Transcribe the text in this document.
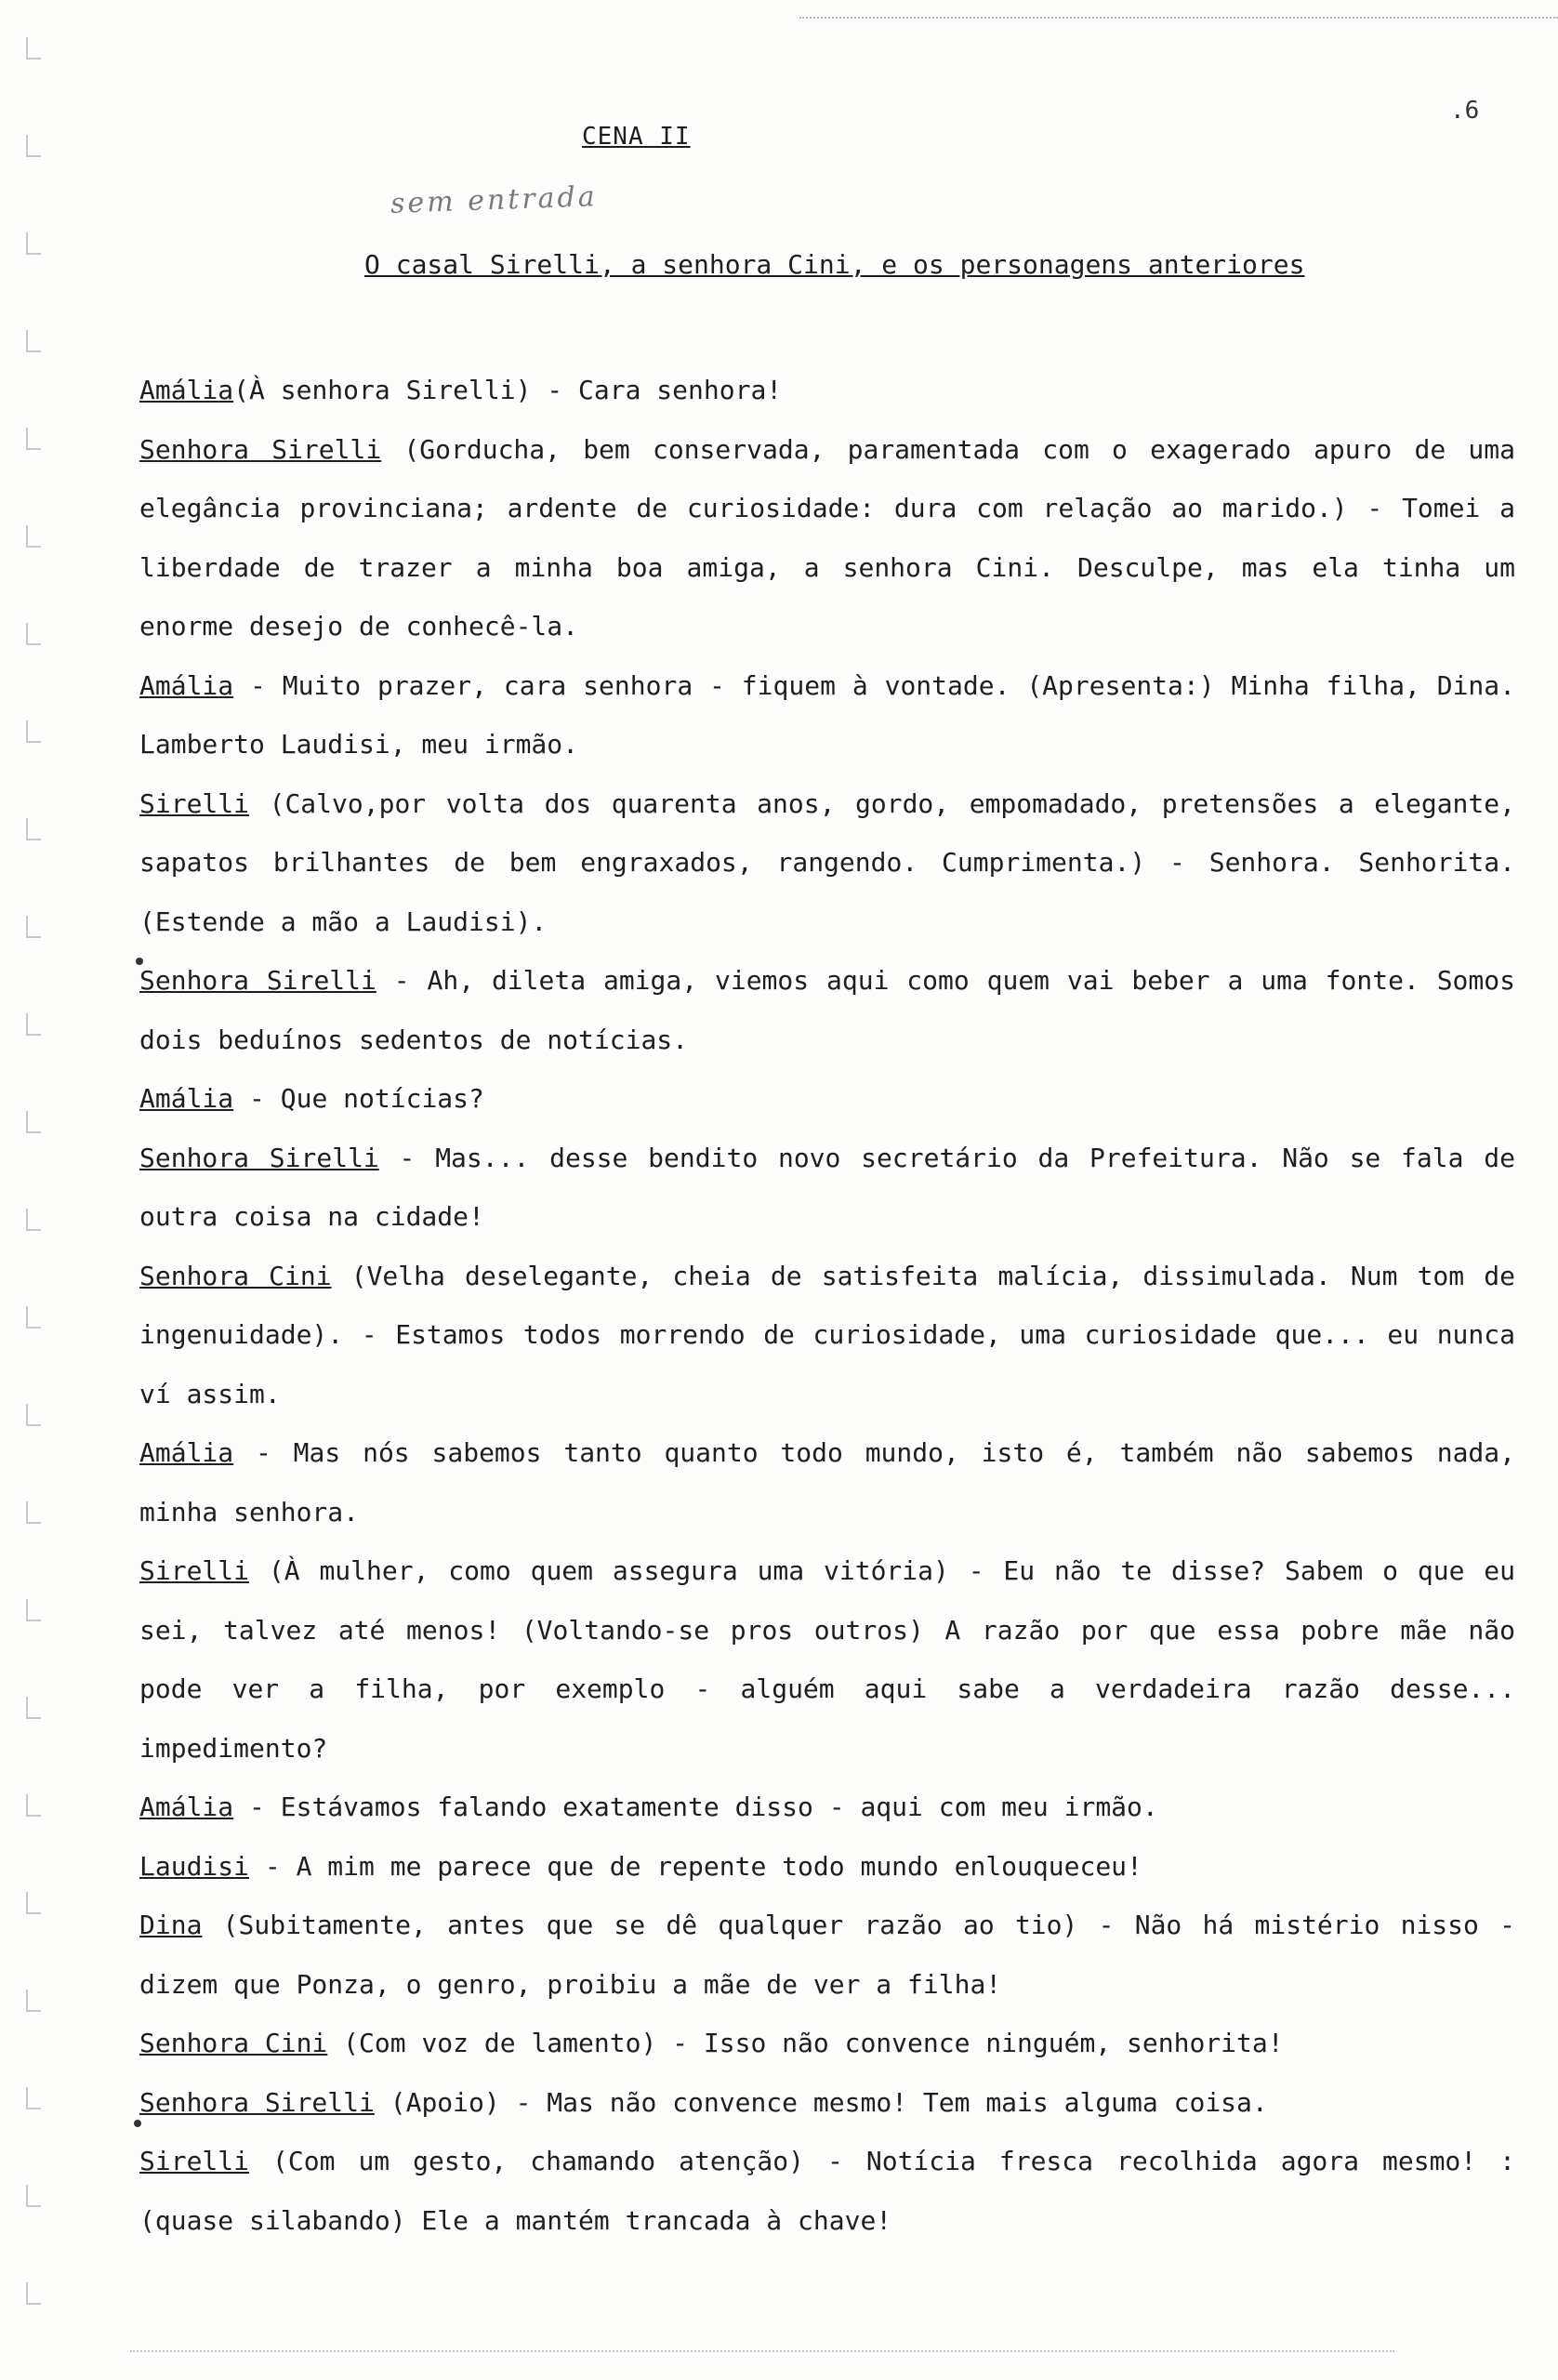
.6
CENA II
sem entrada
O casal Sirelli, a senhora Cini, e os personagens anteriores

Amália(À senhora Sirelli) - Cara senhora!

Senhora Sirelli (Gorducha, bem conservada, paramentada com o exagerado apuro de uma elegância provinciana; ardente de curiosidade: dura com relação ao marido.) - Tomei a liberdade de trazer a minha boa amiga, a senhora Cini. Desculpe, mas ela tinha um enorme desejo de conhecê-la.

Amália - Muito prazer, cara senhora - fiquem à vontade. (Apresenta:) Minha filha, Dina. Lamberto Laudisi, meu irmão.

Sirelli (Calvo,por volta dos quarenta anos, gordo, empomadado, pretensões a elegante, sapatos brilhantes de bem engraxados, rangendo. Cumprimenta.) - Senhora. Senhorita. (Estende a mão a Laudisi).

Senhora Sirelli - Ah, dileta amiga, viemos aqui como quem vai beber a uma fonte. Somos dois beduínos sedentos de notícias.

Amália - Que notícias?

Senhora Sirelli - Mas... desse bendito novo secretário da Prefeitura. Não se fala de outra coisa na cidade!

Senhora Cini (Velha deselegante, cheia de satisfeita malícia, dissimulada. Num tom de ingenuidade). - Estamos todos morrendo de curiosidade, uma curiosidade que... eu nunca ví assim.

Amália - Mas nós sabemos tanto quanto todo mundo, isto é, também não sabemos nada, minha senhora.

Sirelli (À mulher, como quem assegura uma vitória) - Eu não te disse? Sabem o que eu sei, talvez até menos! (Voltando-se pros outros) A razão por que essa pobre mãe não pode ver a filha, por exemplo - alguém aqui sabe a verdadeira razão desse... impedimento?

Amália - Estávamos falando exatamente disso - aqui com meu irmão.

Laudisi - A mim me parece que de repente todo mundo enlouqueceu!

Dina (Subitamente, antes que se dê qualquer razão ao tio) - Não há mistério nisso - dizem que Ponza, o genro, proibiu a mãe de ver a filha!

Senhora Cini (Com voz de lamento) - Isso não convence ninguém, senhorita!

Senhora Sirelli (Apoio) - Mas não convence mesmo! Tem mais alguma coisa.

Sirelli (Com um gesto, chamando atenção) - Notícia fresca recolhida agora mesmo! : (quase silabando) Ele a mantém trancada à chave!
